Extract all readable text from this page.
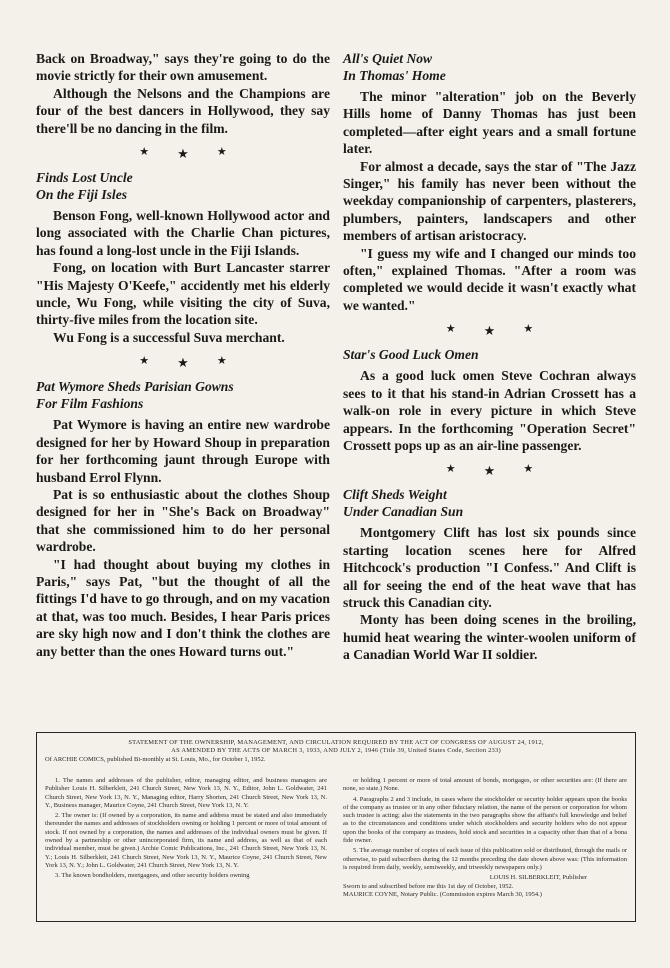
Back on Broadway," says they're going to do the movie strictly for their own amusement.

Although the Nelsons and the Champions are four of the best dancers in Hollywood, they say there'll be no dancing in the film.

★ ★	★

Finds Lost Uncle
On the Fiji Isles

Benson Fong, well-known Hollywood actor and long associated with the Charlie Chan pictures, has found a long-lost uncle in the Fiji Islands.

Fong, on location with Burt Lancaster starrer "His Majesty O'Keefe," accidently met his elderly uncle, Wu Fong, while visiting the city of Suva, thirty-five miles from the location site.

Wu Fong is a successful Suva merchant.

★ ★	★

Pat Wymore Sheds Parisian Gowns
For Film Fashions

Pat Wymore is having an entire new wardrobe designed for her by Howard Shoup in preparation for her forthcoming jaunt through Europe with husband Errol Flynn.

Pat is so enthusiastic about the clothes Shoup designed for her in "She's Back on Broadway" that she commissioned him to do her personal wardrobe.

"I had thought about buying my clothes in Paris," says Pat, "but the thought of all the fittings I'd have to go through, and on my vacation at that, was too much. Besides, I hear Paris prices are sky high now and I don't think the clothes are any better than the ones Howard turns out."

All's Quiet Now
In Thomas' Home

The minor "alteration" job on the Beverly Hills home of Danny Thomas has just been completed—after eight years and a small fortune later.

For almost a decade, says the star of "The Jazz Singer," his family has never been without the weekday companionship of carpenters, plasterers, plumbers, painters, landscapers and other members of artisan aristocracy.

"I guess my wife and I changed our minds too often," explained Thomas. "After a room was completed we would decide it wasn't exactly what we wanted."

★ ★	★

Star's Good Luck Omen

As a good luck omen Steve Cochran always sees to it that his stand-in Adrian Crossett has a walk-on role in every picture in which Steve appears. In the forthcoming "Operation Secret" Crossett pops up as an air-line passenger.

★ ★	★

Clift Sheds Weight
Under Canadian Sun

Montgomery Clift has lost six pounds since starting location scenes here for Alfred Hitchcock's production "I Confess." And Clift is all for seeing the end of the heat wave that has struck this Canadian city.

Monty has been doing scenes in the broiling, humid heat wearing the winter-woolen uniform of a Canadian World War II soldier.

STATEMENT OF THE OWNERSHIP, MANAGEMENT, AND CIRCULATION REQUIRED BY THE ACT OF CONGRESS OF AUGUST 24, 1912,

AS AMENDED BY THE ACTS OF MARCH 3, 1933, AND JULY 2, 1946 (Title 39, United States Code, Section 233)

Of ARCHIE COMICS, published Bi-monthly at St. Louis, Mo., for October 1, 1952.

1. The names and addresses of the publisher, editor, managing editor, and business managers are Publisher Louis H. Silberkleit, 241 Church Street, New York 13, N. Y., Editor, John L. Goldwater, 241 Church Street, New York 13, N. Y., Managing editor, Harry Shorten, 241 Church Street, New York 13, N. Y., Business manager, Maurice Coyne, 241 Church Street, New York 13, N. Y.

2. The owner is: (If owned by a corporation, its name and address must be stated and also immediately thereunder the names and addresses of stockholders owning or holding 1 percent or more of total amount of stock. If not owned by a corporation, the names and addresses of the individual owners must be given. If owned by a partnership or other unincorporated firm, its name and address, as well as that of each individual member, must be given.) Archie Comic Publications, Inc., 241 Church Street, New York 13, N. Y.; Louis H. Silberkleit, 241 Church Street, New York 13, N. Y., Maurice Coyne, 241 Church Street, New York 13, N. Y.; John L. Goldwater, 241 Church Street, New York 13, N. Y.

3. The known bondholders, mortgagees, and other security holders owning

or holding 1 percent or more of total amount of bonds, mortgages, or other securities are: (If there are none, so state.) None.

4. Paragraphs 2 and 3 include, in cases where the stockholder or security holder appears upon the books of the company as trustee or in any other fiduciary relation, the name of the person or corporation for whom such trustee is acting; also the statements in the two paragraphs show the affiant's full knowledge and belief as to the circumstances and conditions under which stockholders and security holders who do not appear upon the books of the company as trustees, hold stock and securities in a capacity other than that of a bona fide owner.

5. The average number of copies of each issue of this publication sold or distributed, through the mails or otherwise, to paid subscribers during the 12 months preceding the date shown above was: (This information is required from daily, weekly, semiweekly, and triweekly newspapers only.)

LOUIS H. SILBERKLEIT, Publisher

Sworn to and subscribed before me this 1st day of October, 1952.

MAURICE COYNE, Notary Public. (Commission expires March 30, 1954.)
